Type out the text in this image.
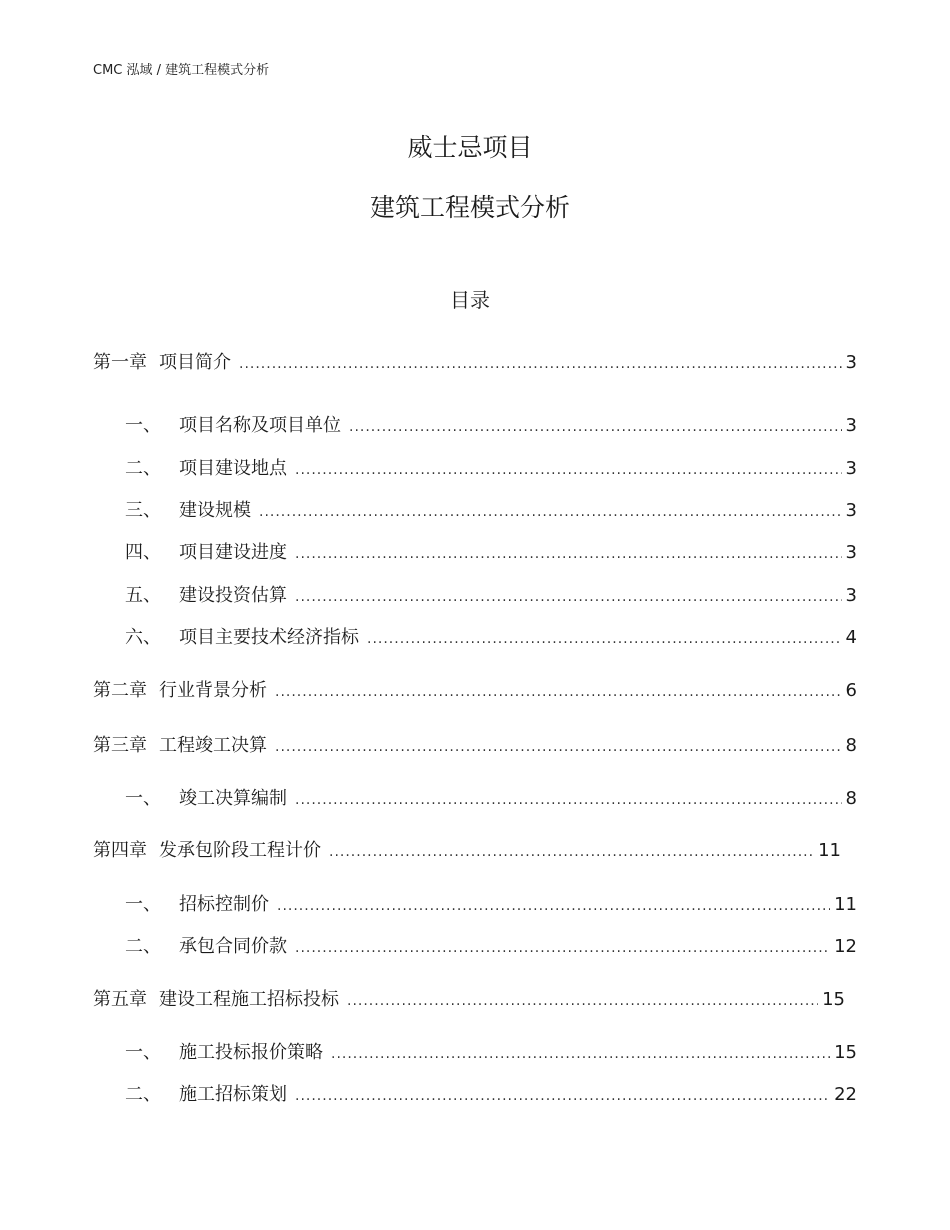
CMC 泓域 / 建筑工程模式分析
威士忌项目
建筑工程模式分析
目录
第一章 项目简介 .....	3
一、 项目名称及项目单位 .....	3
二、 项目建设地点 .....	3
三、 建设规模 .....	3
四、 项目建设进度 .....	3
五、 建设投资估算 .....	3
六、 项目主要技术经济指标 .....	4
第二章 行业背景分析 .....	6
第三章 工程竣工决算 .....	8
一、 竣工决算编制 .....	8
第四章 发承包阶段工程计价 .....	11
一、 招标控制价 .....	11
二、 承包合同价款 .....	12
第五章 建设工程施工招标投标 .....	15
一、 施工投标报价策略 .....	15
二、 施工招标策划 .....	22
